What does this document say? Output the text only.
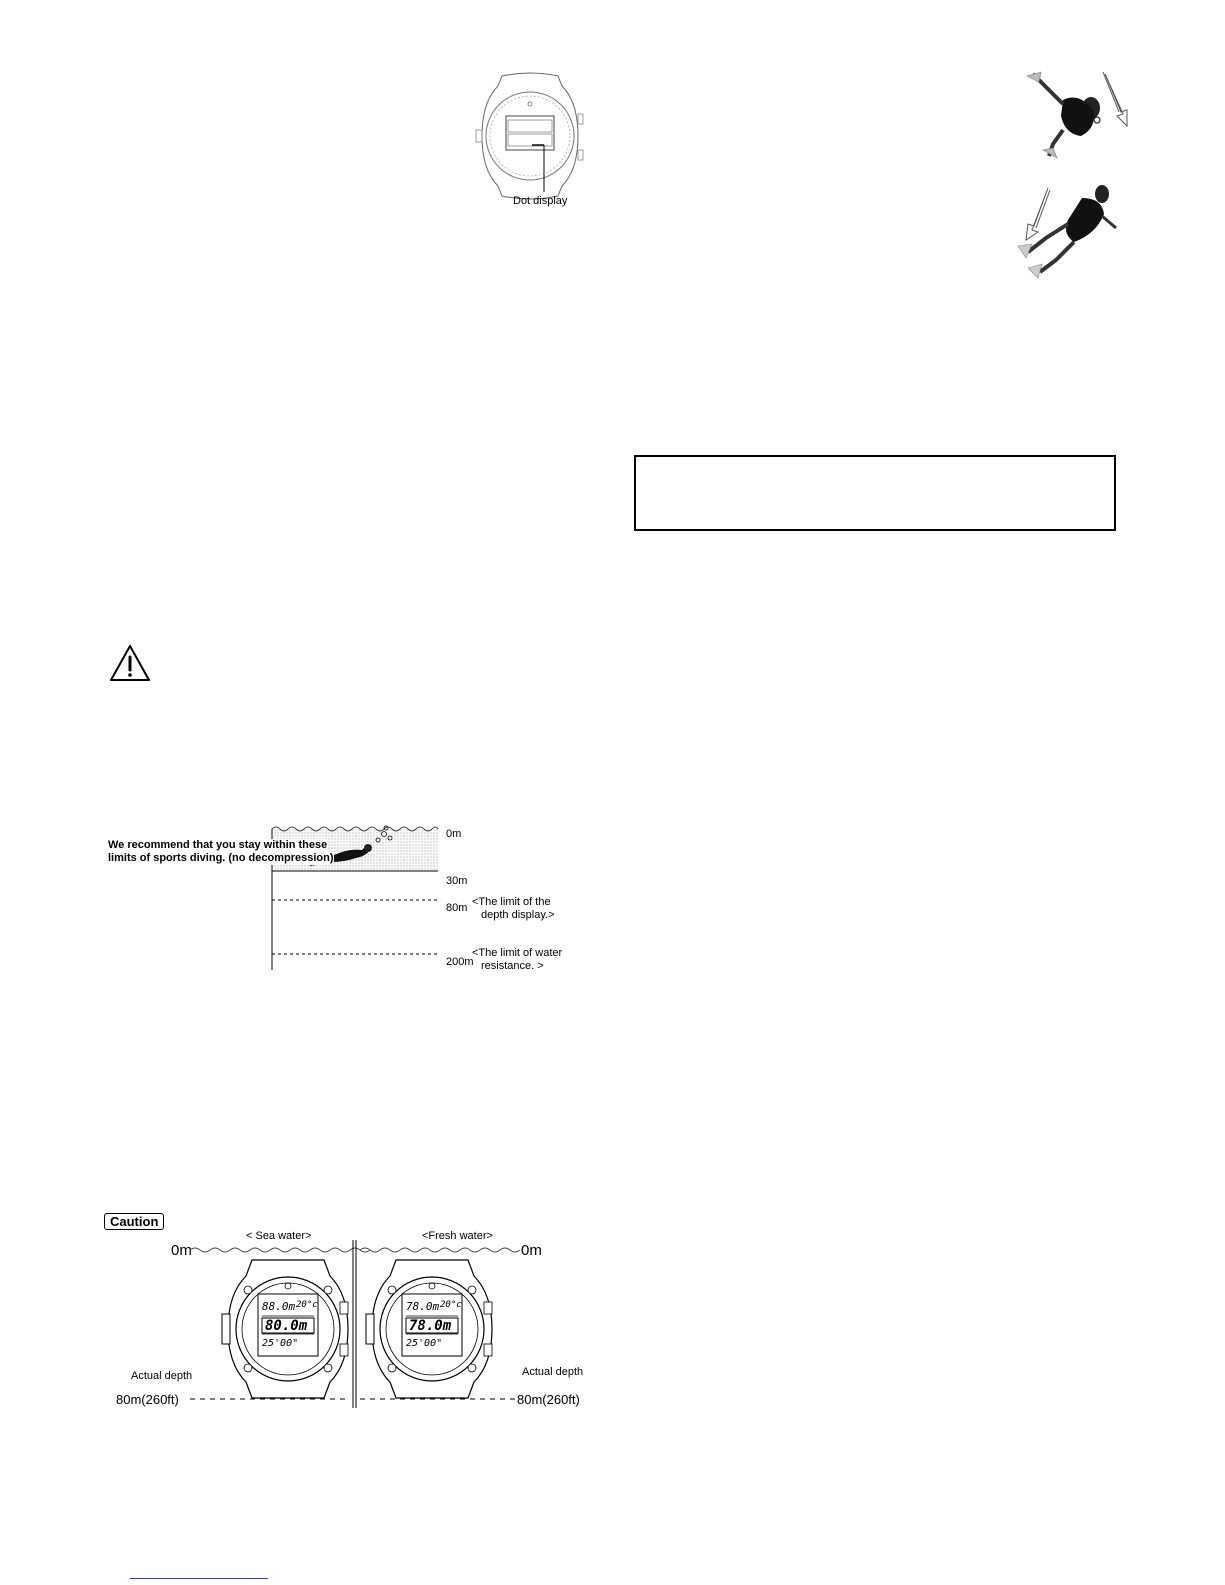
Dot display
We recommend that you stay within these
limits of sports diving. (no decompression)
0m
30m
80m <The limit of the
depth display.>
200m
<The limit of water
resistance. >
Caution
< Sea water>	<Fresh water>
0m	0m
88.0m 20°c
80.0m
25'00"
78.0m 20°c
78.0m
25'00"
Actual depth	Actual depth
80m(260ft)	80m(260ft)
